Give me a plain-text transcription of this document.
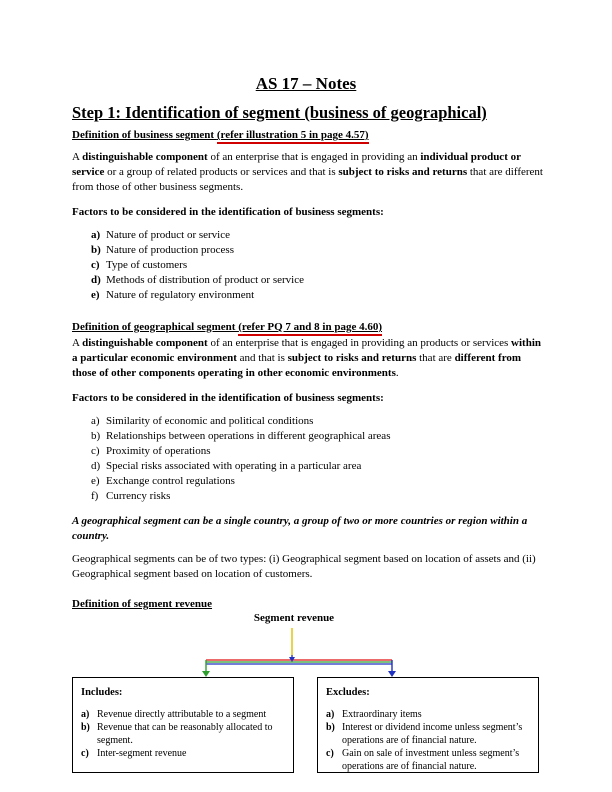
AS 17 – Notes
Step 1: Identification of segment (business of geographical)
Definition of business segment (refer illustration 5 in page 4.57)
A distinguishable component of an enterprise that is engaged in providing an individual product or service or a group of related products or services and that is subject to risks and returns that are different from those of other business segments.
Factors to be considered in the identification of business segments:
a) Nature of product or service
b) Nature of production process
c) Type of customers
d) Methods of distribution of product or service
e) Nature of regulatory environment
Definition of geographical segment (refer PQ 7 and 8 in page 4.60)
A distinguishable component of an enterprise that is engaged in providing an products or services within a particular economic environment and that is subject to risks and returns that are different from those of other components operating in other economic environments.
Factors to be considered in the identification of business segments:
a) Similarity of economic and political conditions
b) Relationships between operations in different geographical areas
c) Proximity of operations
d) Special risks associated with operating in a particular area
e) Exchange control regulations
f) Currency risks
A geographical segment can be a single country, a group of two or more countries or region within a country.
Geographical segments can be of two types: (i) Geographical segment based on location of assets and (ii) Geographical segment based on location of customers.
Definition of segment revenue
Segment revenue
Includes:
a) Revenue directly attributable to a segment
b) Revenue that can be reasonably allocated to segment.
c) Inter-segment revenue
Excludes:
a) Extraordinary items
b) Interest or dividend income unless segment’s operations are of financial nature.
c) Gain on sale of investment unless segment’s operations are of financial nature.
